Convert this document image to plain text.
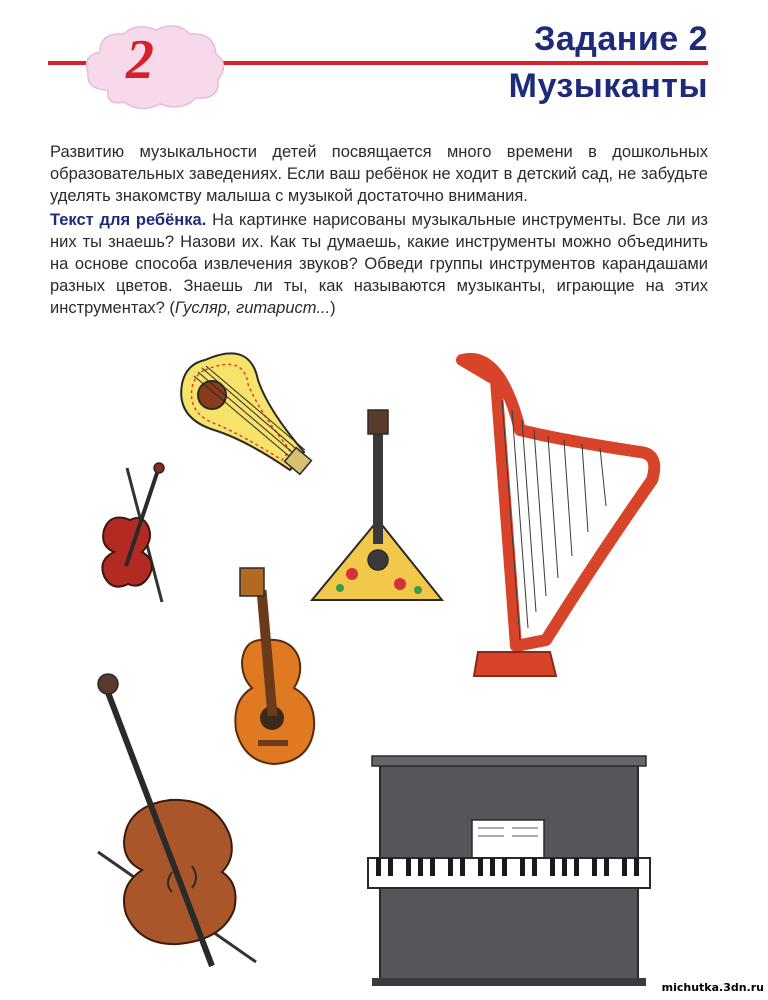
2	Задание 2
Музыканты

Развитию музыкальности детей посвящается много времени в дошкольных образовательных заведениях. Если ваш ребёнок не ходит в детский сад, не забудьте уделять знакомству малыша с музыкой достаточно внимания.

Текст для ребёнка. На картинке нарисованы музыкальные инструменты. Все ли из них ты знаешь? Назови их. Как ты думаешь, какие инструменты можно объединить на основе способа извлечения звуков? Обведи группы инструментов карандашами разных цветов. Знаешь ли ты, как называются музыканты, играющие на этих инструментах? (Гусляр, гитарист...)

michutka.3dn.ru
